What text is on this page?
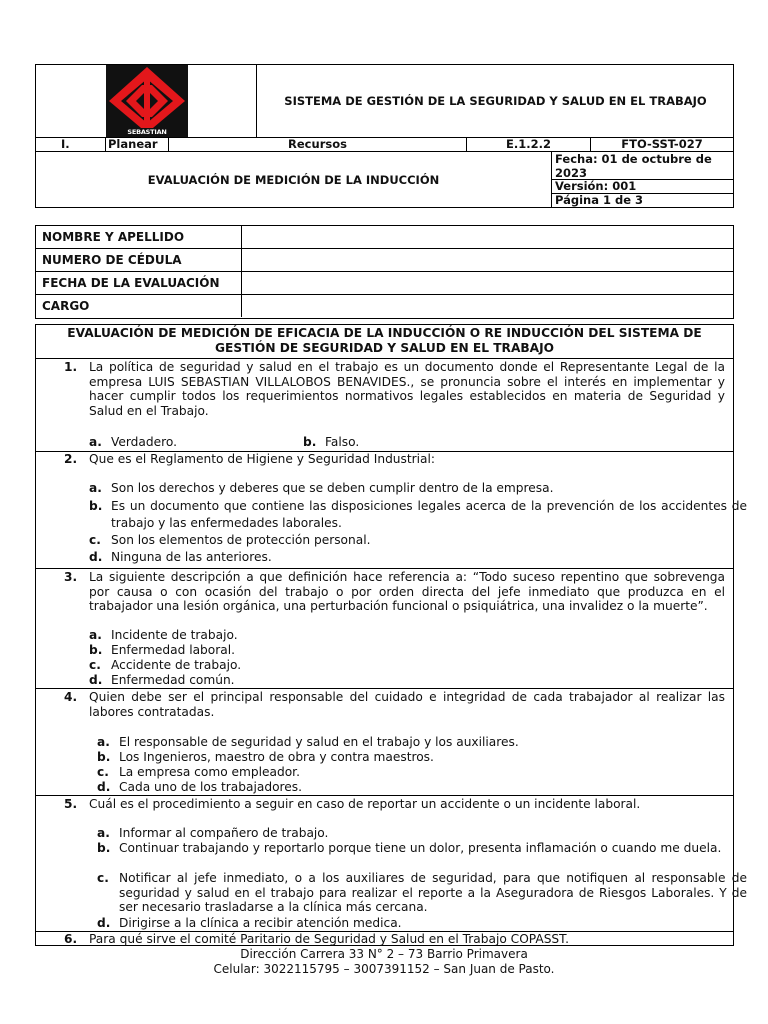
SEBASTIAN
SISTEMA DE GESTIÓN DE LA SEGURIDAD Y SALUD EN EL TRABAJO
I.	Planear	Recursos	E.1.2.2	FTO-SST-027
EVALUACIÓN DE MEDICIÓN DE LA INDUCCIÓN
Fecha: 01 de octubre de
2023
Versión: 001
Página 1 de 3
NOMBRE Y APELLIDO
NUMERO DE CÉDULA
FECHA DE LA EVALUACIÓN
CARGO
EVALUACIÓN DE MEDICIÓN DE EFICACIA DE LA INDUCCIÓN O RE INDUCCIÓN DEL SISTEMA DE
GESTIÓN DE SEGURIDAD Y SALUD EN EL TRABAJO
1. La política de seguridad y salud en el trabajo es un documento donde el Representante Legal de la empresa LUIS SEBASTIAN VILLALOBOS BENAVIDES., se pronuncia sobre el interés en implementar y hacer cumplir todos los requerimientos normativos legales establecidos en materia de Seguridad y Salud en el Trabajo.
a. Verdadero.	b. Falso.
2. Que es el Reglamento de Higiene y Seguridad Industrial:
a. Son los derechos y deberes que se deben cumplir dentro de la empresa.
b. Es un documento que contiene las disposiciones legales acerca de la prevención de los accidentes de trabajo y las enfermedades laborales.
c. Son los elementos de protección personal.
d. Ninguna de las anteriores.
3. La siguiente descripción a que definición hace referencia a: “Todo suceso repentino que sobrevenga por causa o con ocasión del trabajo o por orden directa del jefe inmediato que produzca en el trabajador una lesión orgánica, una perturbación funcional o psiquiátrica, una invalidez o la muerte”.
a. Incidente de trabajo.
b. Enfermedad laboral.
c. Accidente de trabajo.
d. Enfermedad común.
4. Quien debe ser el principal responsable del cuidado e integridad de cada trabajador al realizar las labores contratadas.
a. El responsable de seguridad y salud en el trabajo y los auxiliares.
b. Los Ingenieros, maestro de obra y contra maestros.
c. La empresa como empleador.
d. Cada uno de los trabajadores.
5. Cuál es el procedimiento a seguir en caso de reportar un accidente o un incidente laboral.
a. Informar al compañero de trabajo.
b. Continuar trabajando y reportarlo porque tiene un dolor, presenta inflamación o cuando me duela.
c. Notificar al jefe inmediato, o a los auxiliares de seguridad, para que notifiquen al responsable de seguridad y salud en el trabajo para realizar el reporte a la Aseguradora de Riesgos Laborales. Y de ser necesario trasladarse a la clínica más cercana.
d. Dirigirse a la clínica a recibir atención medica.
6. Para qué sirve el comité Paritario de Seguridad y Salud en el Trabajo COPASST.
Dirección Carrera 33 N° 2 – 73 Barrio Primavera
Celular: 3022115795 – 3007391152 – San Juan de Pasto.
